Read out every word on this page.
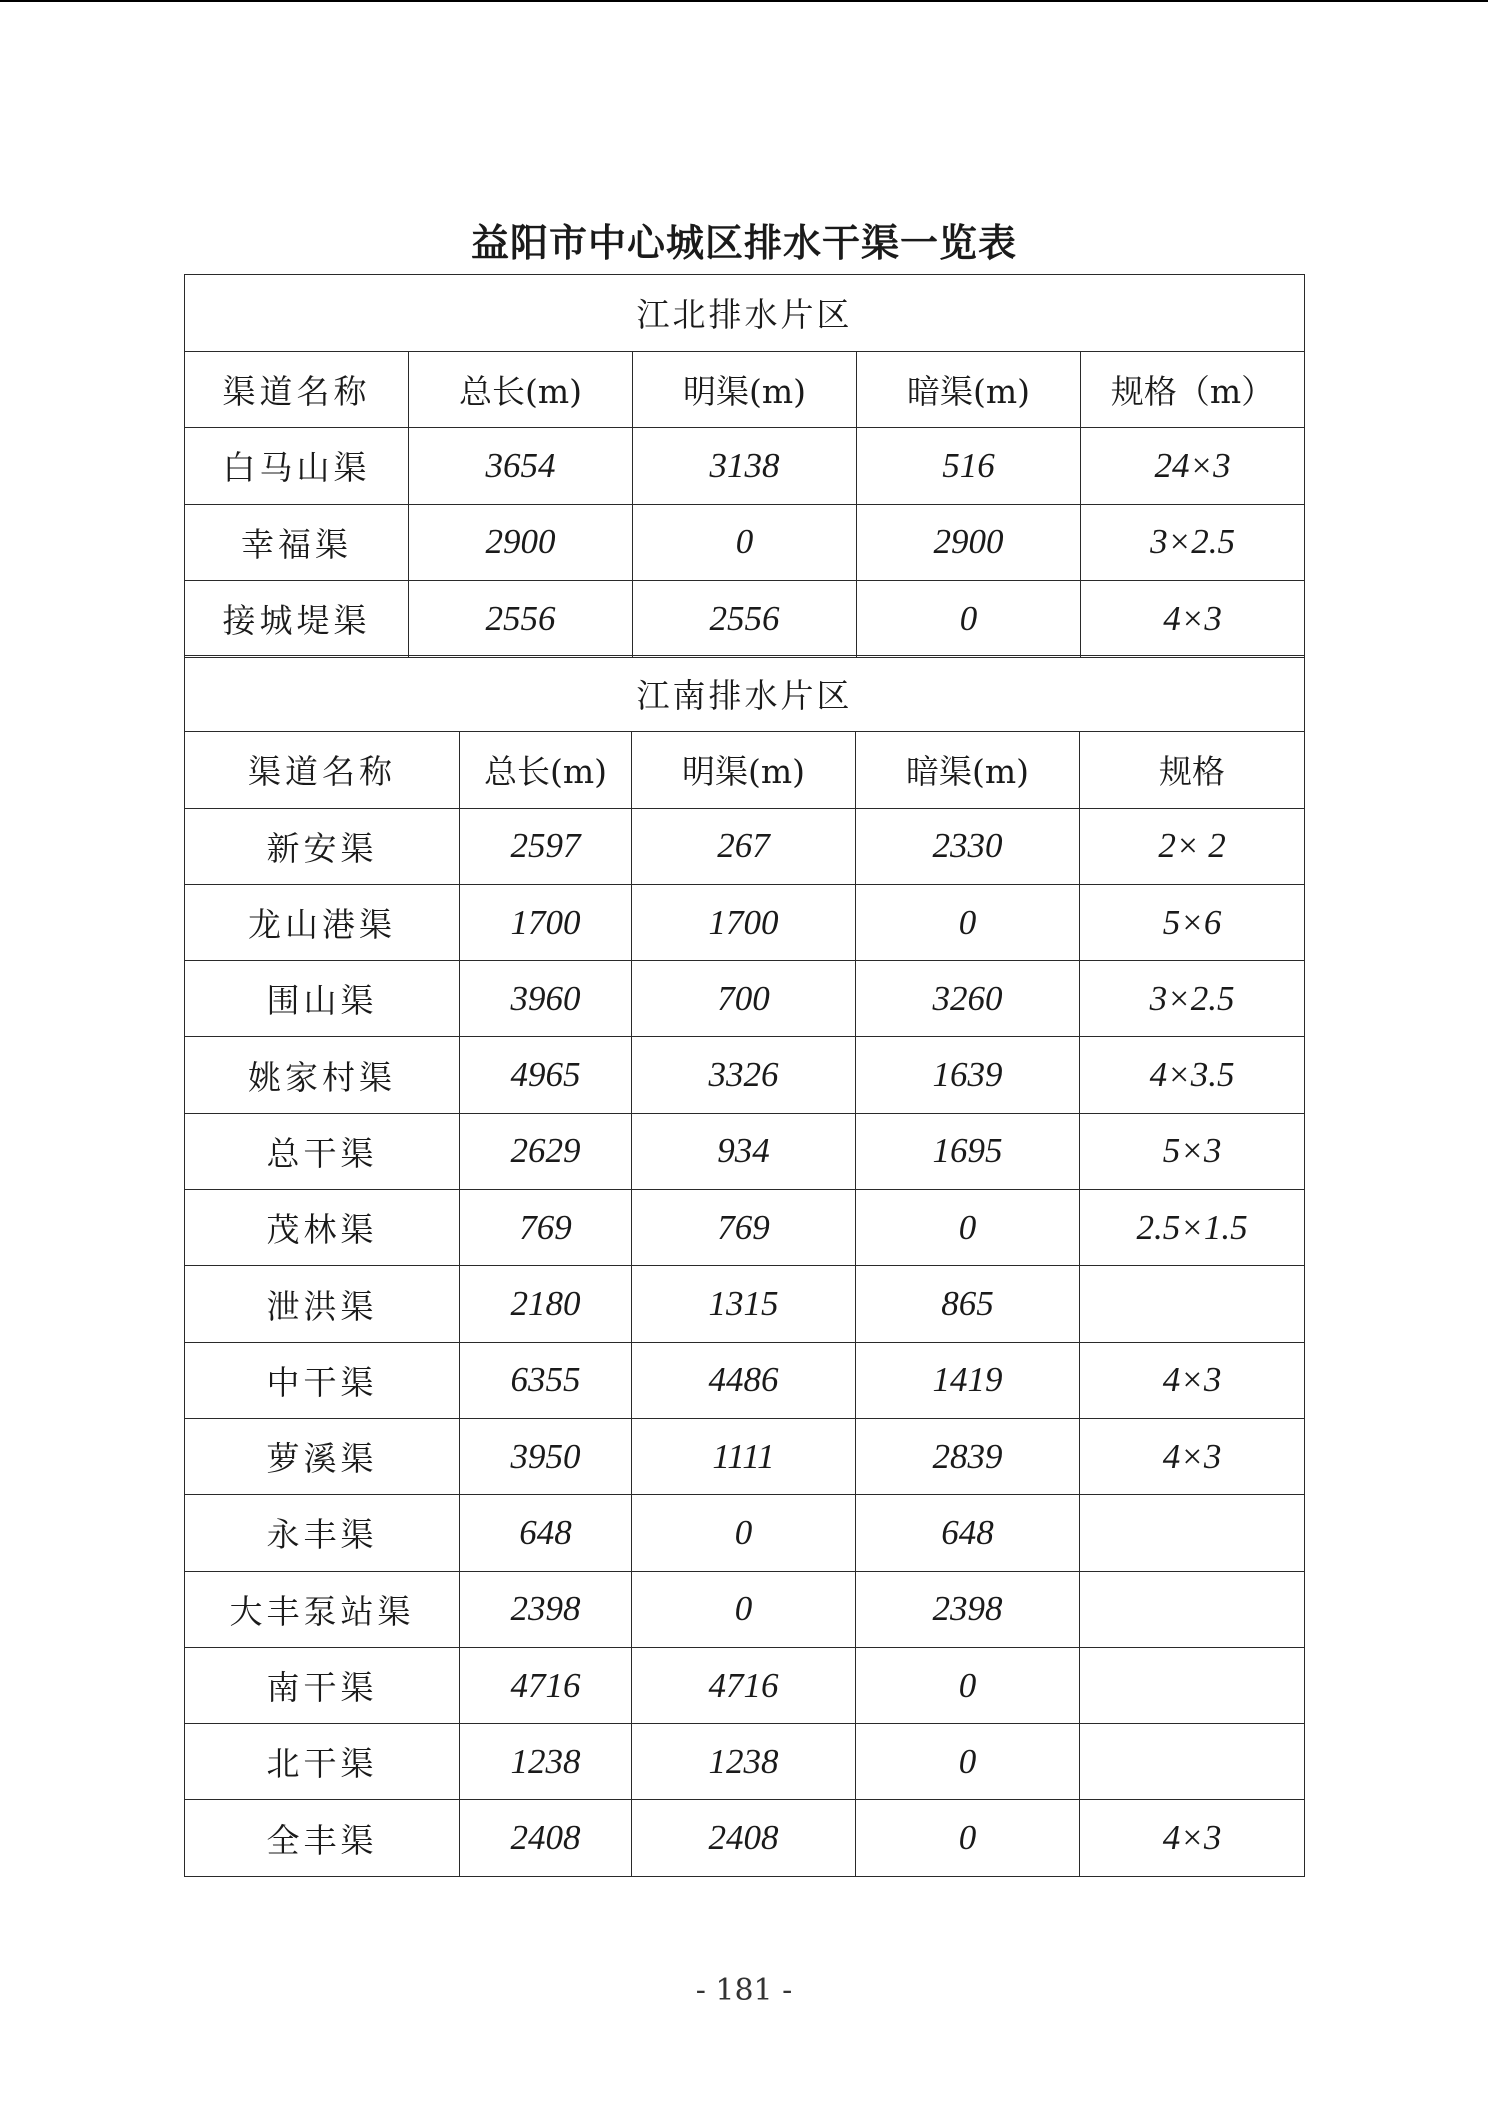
益阳市中心城区排水干渠一览表
江北排水片区				
渠道名称	总长(m)	明渠(m)	暗渠(m)	规格（m）
白马山渠	3654	3138	516	24×3
幸福渠	2900	0	2900	3×2.5
接城堤渠	2556	2556	0	4×3
江南排水片区				
渠道名称	总长(m)	明渠(m)	暗渠(m)	规格
新安渠	2597	267	2330	2× 2
龙山港渠	1700	1700	0	5×6
围山渠	3960	700	3260	3×2.5
姚家村渠	4965	3326	1639	4×3.5
总干渠	2629	934	1695	5×3
茂林渠	769	769	0	2.5×1.5
泄洪渠	2180	1315	865	
中干渠	6355	4486	1419	4×3
萝溪渠	3950	1111	2839	4×3
永丰渠	648	0	648	
大丰泵站渠	2398	0	2398	
南干渠	4716	4716	0	
北干渠	1238	1238	0	
全丰渠	2408	2408	0	4×3
- 181 -
